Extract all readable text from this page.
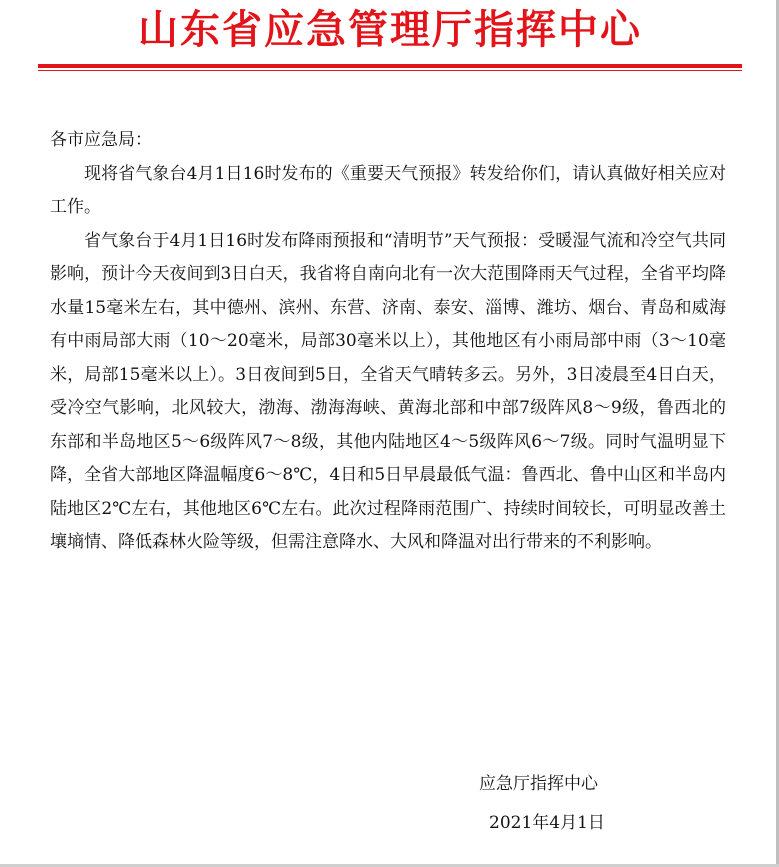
山东省应急管理厅指挥中心

各市应急局：

现将省气象台4月1日16时发布的《重要天气预报》转发给你们，请认真做好相关应对工作。

省气象台于4月1日16时发布降雨预报和“清明节”天气预报：受暖湿气流和冷空气共同影响，预计今天夜间到3日白天，我省将自南向北有一次大范围降雨天气过程，全省平均降水量15毫米左右，其中德州、滨州、东营、济南、泰安、淄博、潍坊、烟台、青岛和威海有中雨局部大雨（10～20毫米，局部30毫米以上），其他地区有小雨局部中雨（3～10毫米，局部15毫米以上）。3日夜间到5日，全省天气晴转多云。另外，3日凌晨至4日白天，受冷空气影响，北风较大，渤海、渤海海峡、黄海北部和中部7级阵风8～9级，鲁西北的东部和半岛地区5～6级阵风7～8级，其他内陆地区4～5级阵风6～7级。同时气温明显下降，全省大部地区降温幅度6～8℃，4日和5日早晨最低气温：鲁西北、鲁中山区和半岛内陆地区2℃左右，其他地区6℃左右。此次过程降雨范围广、持续时间较长，可明显改善土壤墒情、降低森林火险等级，但需注意降水、大风和降温对出行带来的不利影响。

应急厅指挥中心
2021年4月1日
